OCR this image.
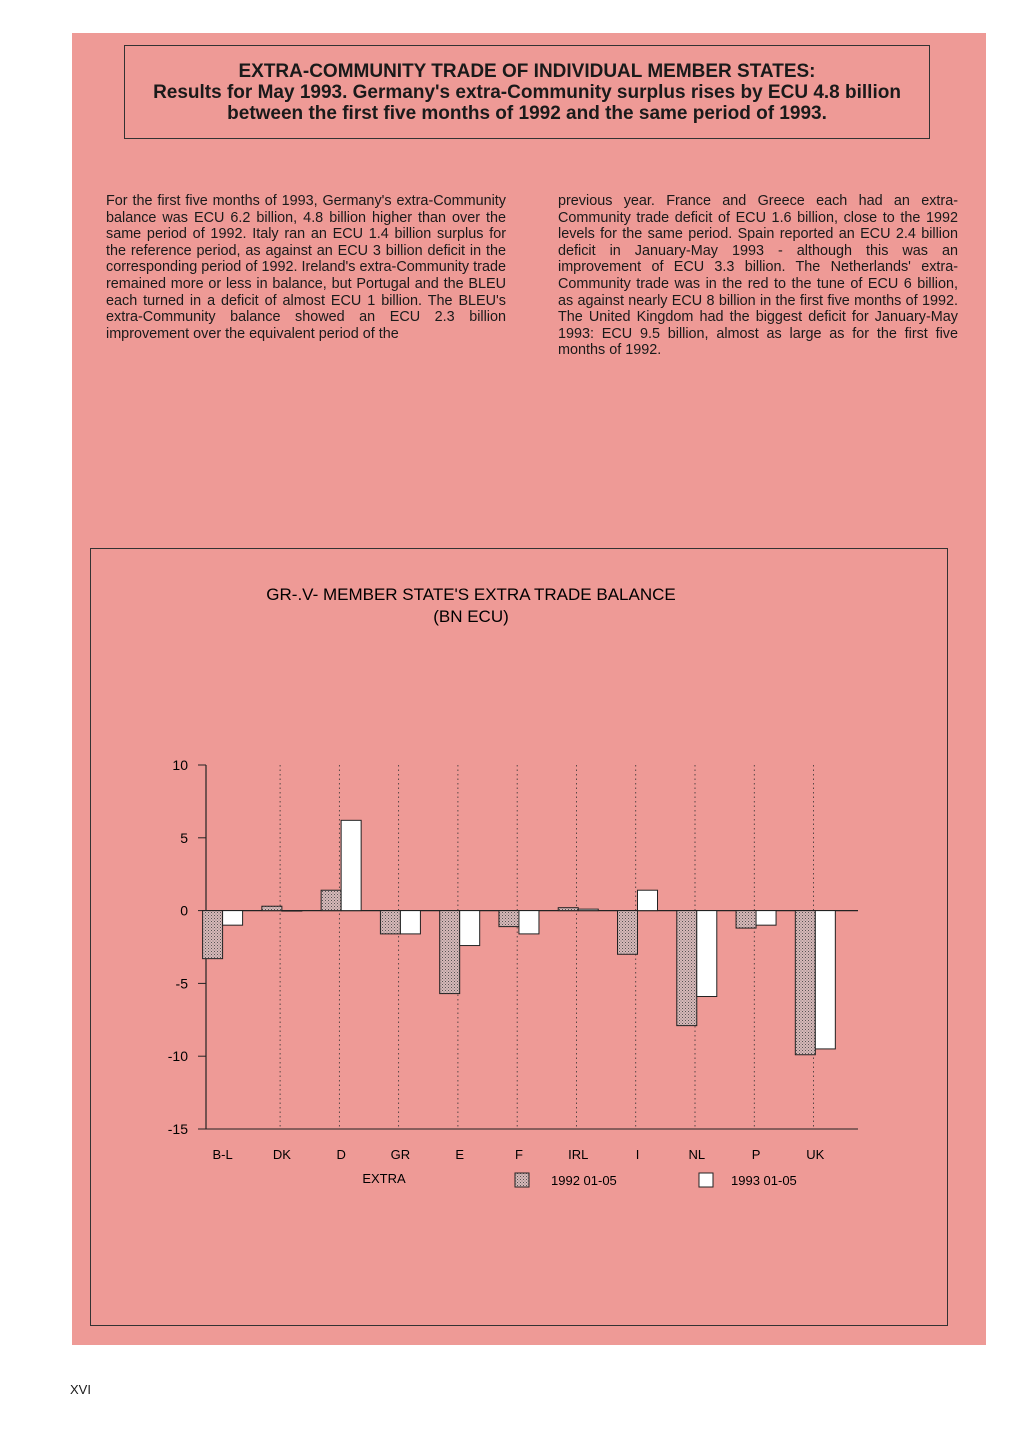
EXTRA-COMMUNITY TRADE OF INDIVIDUAL MEMBER STATES:
Results for May 1993. Germany's extra-Community surplus rises by ECU 4.8 billion
between the first five months of 1992 and the same period of 1993.

For the first five months of 1993, Germany's extra-Community balance was ECU 6.2 billion, 4.8 billion higher than over the same period of 1992. Italy ran an ECU 1.4 billion surplus for the reference period, as against an ECU 3 billion deficit in the corresponding period of 1992. Ireland's extra-Community trade remained more or less in balance, but Portugal and the BLEU each turned in a deficit of almost ECU 1 billion. The BLEU's extra-Community balance showed an ECU 2.3 billion improvement over the equivalent period of the

previous year. France and Greece each had an extra-Community trade deficit of ECU 1.6 billion, close to the 1992 levels for the same period. Spain reported an ECU 2.4 billion deficit in January-May 1993 - although this was an improvement of ECU 3.3 billion. The Netherlands' extra-Community trade was in the red to the tune of ECU 6 billion, as against nearly ECU 8 billion in the first five months of 1992. The United Kingdom had the biggest deficit for January-May 1993: ECU 9.5 billion, almost as large as for the first five months of 1992.

GR-.V- MEMBER STATE'S EXTRA TRADE BALANCE
(BN ECU)
10
5
0
-5
-10
-15
B-L	DK	D	GR	E	F	IRL	I	NL	P	UK
EXTRA	1992 01-05	1993 01-05
XVI
